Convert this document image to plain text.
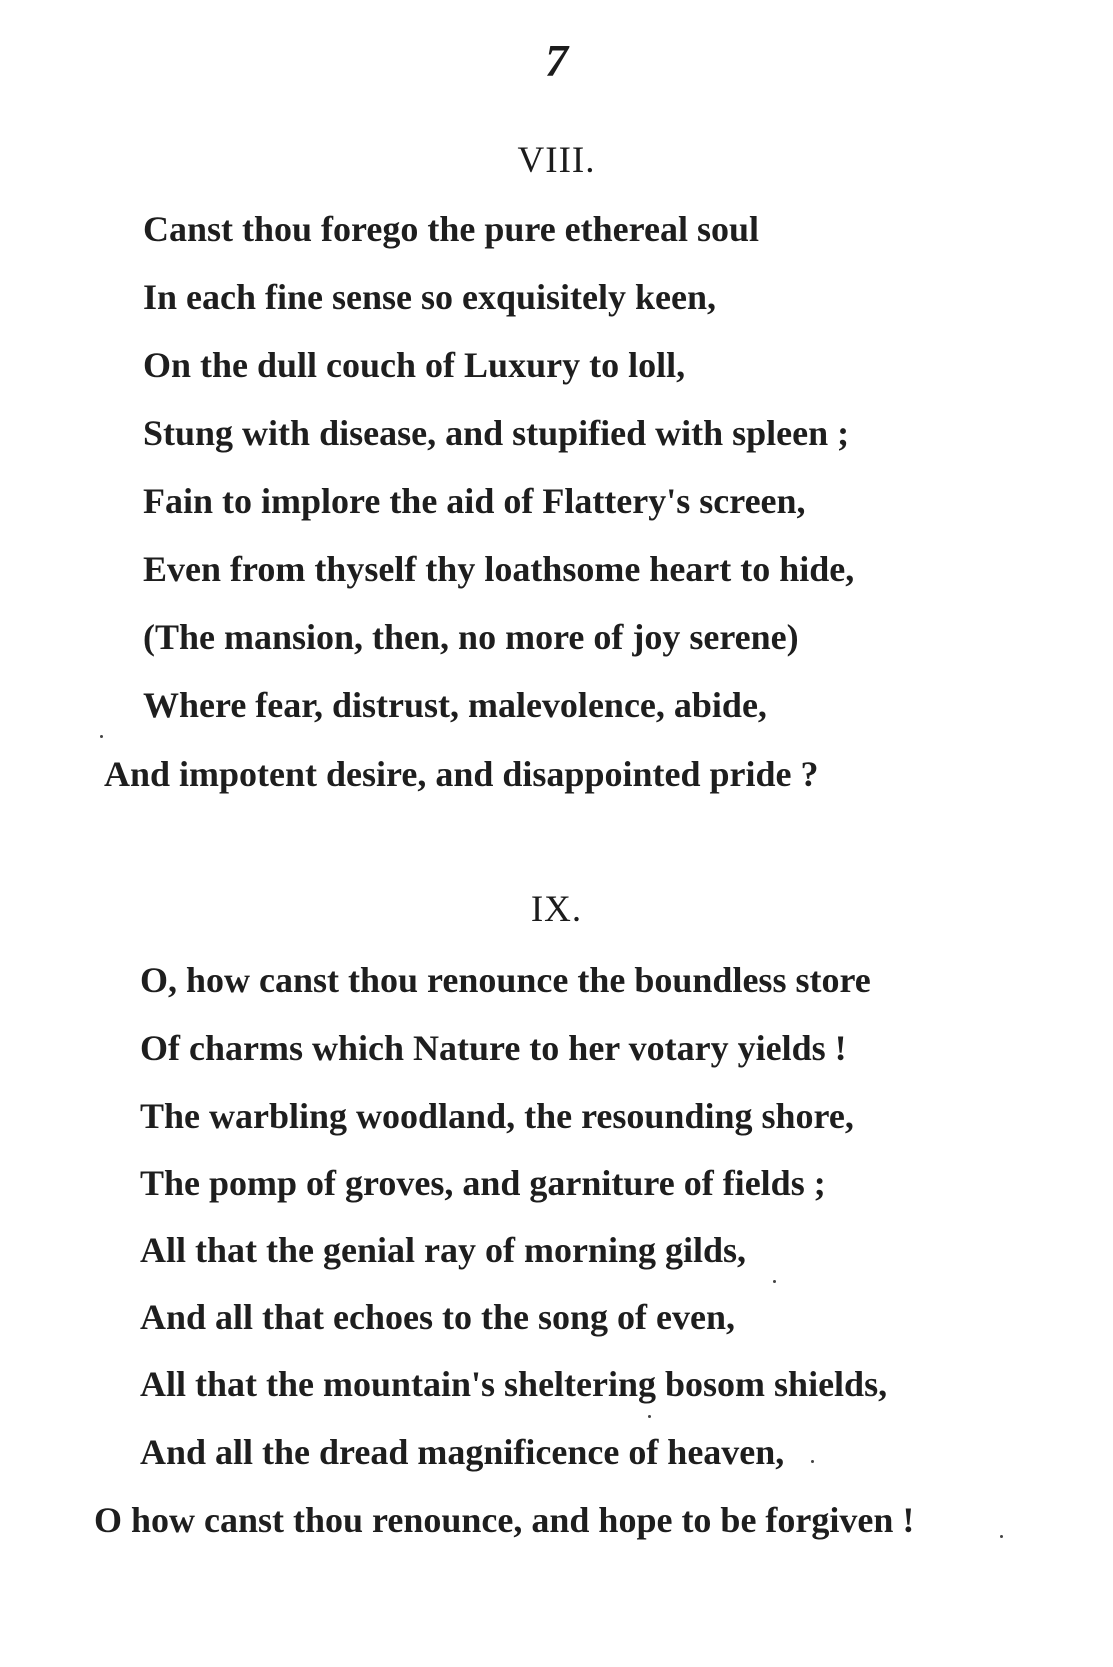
7
VIII.
Canst thou forego the pure ethereal soul
In each fine sense so exquisitely keen,
On the dull couch of Luxury to loll,
Stung with disease, and stupified with spleen ;
Fain to implore the aid of Flattery's screen,
Even from thyself thy loathsome heart to hide,
(The mansion, then, no more of joy serene)
Where fear, distrust, malevolence, abide,
And impotent desire, and disappointed pride ?
IX.
O, how canst thou renounce the boundless store
Of charms which Nature to her votary yields !
The warbling woodland, the resounding shore,
The pomp of groves, and garniture of fields ;
All that the genial ray of morning gilds,
And all that echoes to the song of even,
All that the mountain's sheltering bosom shields,
And all the dread magnificence of heaven,
O how canst thou renounce, and hope to be forgiven !
